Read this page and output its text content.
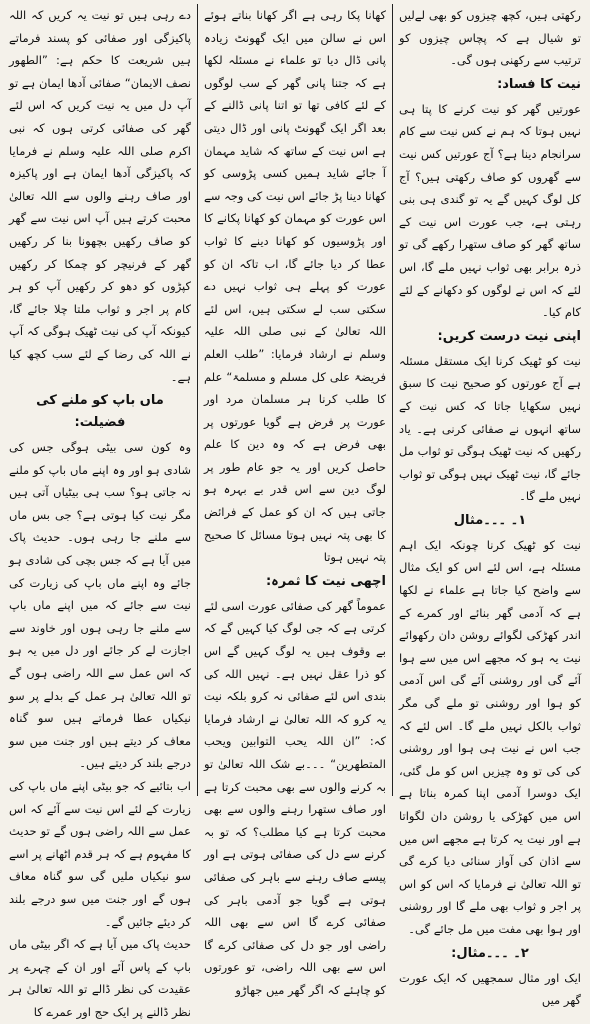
رکھتی ہیں، کچھ چیزوں کو بھی لےلیں تو شیال ہے کہ پچاس چیزوں کو ترتیب سے رکھنی ہوں گی۔

نیت کا فساد:

عورتیں گھر کو نیت کرنے کا پتا ہی نہیں ہوتا کہ ہم نے کس نیت سے کام سرانجام دینا ہے؟ آج عورتیں کس نیت سے گھروں کو صاف رکھتی ہیں؟ آج کل لوگ کہیں گے یہ تو گندی ہی بنی رہتی ہے، جب عورت اس نیت کے ساتھ گھر کو صاف ستھرا رکھے گی تو ذرہ برابر بھی ثواب نہیں ملے گا، اس لئے کہ اس نے لوگوں کو دکھانے کے لئے کام کیا۔

اپنی نیت درست کریں:

نیت کو ٹھیک کرنا ایک مستقل مسئلہ ہے آج عورتوں کو صحیح نیت کا سبق نہیں سکھایا جاتا کہ کس نیت کے ساتھ انہوں نے صفائی کرنی ہے۔ یاد رکھیں کہ نیت ٹھیک ہوگی تو ثواب مل جائے گا، نیت ٹھیک نہیں ہوگی تو ثواب نہیں ملے گا۔

۱۔ ۔۔۔مثال

نیت کو ٹھیک کرنا چونکہ ایک اہم مسئلہ ہے، اس لئے اس کو ایک مثال سے واضح کیا جاتا ہے علماء نے لکھا ہے کہ آدمی گھر بنائے اور کمرے کے اندر کھڑکی لگوائے روشن دان رکھوائے نیت یہ ہو کہ مجھے اس میں سے ہوا آئے گی اور روشنی آئے گی اس آدمی کو ہوا اور روشنی تو ملے گی مگر ثواب بالکل نہیں ملے گا۔ اس لئے کہ جب اس نے نیت ہی ہوا اور روشنی کی کی تو وہ چیزیں اس کو مل گئی، ایک دوسرا آدمی اپنا کمرہ بناتا ہے اس میں کھڑکی یا روشن دان لگواتا ہے اور نیت یہ کرتا ہے مجھے اس میں سے اذان کی آواز سنائی دیا کرے گی تو اللہ تعالیٰ نے فرمایا کہ اس کو اس پر اجر و ثواب بھی ملے گا اور روشنی اور ہوا بھی مفت میں مل جائے گی۔

۲۔ ۔۔۔مثال:

ایک اور مثال سمجھیں کہ ایک عورت گھر میں

کھانا پکا رہی ہے اگر کھانا بناتے ہوئے اس نے سالن میں ایک گھونٹ زیادہ پانی ڈال دیا تو علماء نے مسئلہ لکھا ہے کہ جتنا پانی گھر کے سب لوگوں کے لئے کافی تھا تو اتنا پانی ڈالنے کے بعد اگر ایک گھونٹ پانی اور ڈال دیتی ہے اس نیت کے ساتھ کہ شاید مہمان آ جائے شاید ہمیں کسی پڑوسی کو کھانا دینا پڑ جائے اس نیت کی وجہ سے اس عورت کو مہمان کو کھانا پکانے کا اور پڑوسیوں کو کھانا دینے کا ثواب عطا کر دیا جائے گا، اب تاکہ ان کو عورت کو پہلے ہی ثواب نہیں دے سکتی سب لے سکتی ہیں، اس لئے اللہ تعالیٰ کے نبی صلی اللہ علیہ وسلم نے ارشاد فرمایا: ”طلب العلم فریضۃ علی کل مسلم و مسلمۃ“ علم کا طلب کرنا ہر مسلمان مرد اور عورت پر فرض ہے گویا عورتوں پر بھی فرض ہے کہ وہ دین کا علم حاصل کریں اور یہ جو عام طور پر لوگ دین سے اس قدر بے بہرہ ہو جاتی ہیں کہ ان کو عمل کے فرائض کا بھی پتہ نہیں ہوتا مسائل کا صحیح پتہ نہیں ہوتا

اچھی نیت کا ثمرہ:

عموماً گھر کی صفائی عورت اسی لئے کرتی ہے کہ جی لوگ کیا کہیں گے کہ بے وقوف ہیں یہ لوگ کہیں گے اس کو ذرا عقل نہیں ہے۔ نہیں اللہ کی بندی اس لئے صفائی نہ کرو بلکہ نیت یہ کرو کہ اللہ تعالیٰ نے ارشاد فرمایا کہ: ”ان اللہ یحب التوابین ویحب المتطھرین“ ۔۔۔بے شک اللہ تعالیٰ تو بہ کرنے والوں سے بھی محبت کرتا ہے اور صاف ستھرا رہنے والوں سے بھی محبت کرتا ہے کیا مطلب؟ کہ تو بہ کرنے سے دل کی صفائی ہوتی ہے اور پیسے صاف رہنے سے باہر کی صفائی ہوتی ہے گویا جو آدمی باہر کی صفائی کرے گا اس سے بھی اللہ راضی اور جو دل کی صفائی کرے گا اس سے بھی اللہ راضی، تو عورتوں کو چاہئے کہ اگر گھر میں جھاڑو

دے رہی ہیں تو نیت یہ کریں کہ اللہ پاکیزگی اور صفائی کو پسند فرماتے ہیں شریعت کا حکم ہے: ”الطھور نصف الایمان“ صفائی آدھا ایمان ہے تو آپ دل میں یہ نیت کریں کہ اس لئے گھر کی صفائی کرتی ہوں کہ نبی اکرم صلی اللہ علیہ وسلم نے فرمایا کہ پاکیزگی آدھا ایمان ہے اور پاکیزہ اور صاف رہنے والوں سے اللہ تعالیٰ محبت کرتے ہیں آپ اس نیت سے گھر کو صاف رکھیں بچھونا بنا کر رکھیں گھر کے فرنیچر کو چمکا کر رکھیں کپڑوں کو دھو کر رکھیں آپ کو ہر کام پر اجر و ثواب ملتا چلا جائے گا، کیونکہ آپ کی نیت ٹھیک ہوگی کہ آپ نے اللہ کی رضا کے لئے سب کچھ کیا ہے۔

ماں باپ کو ملنے کی فضیلت:

وہ کون سی بیٹی ہوگی جس کی شادی ہو اور وہ اپنے ماں باپ کو ملنے نہ جاتی ہو؟ سب ہی بیٹیاں آتی ہیں مگر نیت کیا ہوتی ہے؟ جی بس ماں سے ملنے جا رہی ہوں۔ حدیث پاک میں آیا ہے کہ جس بچی کی شادی ہو جائے وہ اپنے ماں باپ کی زیارت کی نیت سے جائے کہ میں اپنے ماں باپ سے ملنے جا رہی ہوں اور خاوند سے اجازت لے کر جائے اور دل میں یہ ہو کہ اس عمل سے اللہ راضی ہوں گے تو اللہ تعالیٰ ہر عمل کے بدلے پر سو نیکیاں عطا فرماتے ہیں سو گناہ معاف کر دیتے ہیں اور جنت میں سو درجے بلند کر دیتے ہیں۔

اب بتائیے کہ جو بیٹی اپنے ماں باپ کی زیارت کے لئے اس نیت سے آئے کہ اس عمل سے اللہ راضی ہوں گے تو حدیث کا مفہوم ہے کہ ہر قدم اٹھانے پر اسے سو نیکیاں ملیں گی سو گناہ معاف ہوں گے اور جنت میں سو درجے بلند کر دیئے جائیں گے۔

حدیث پاک میں آیا ہے کہ اگر بیٹی ماں باپ کے پاس آئے اور ان کے چہرے پر عقیدت کی نظر ڈالے تو اللہ تعالیٰ ہر نظر ڈالنے پر ایک حج اور عمرے کا
